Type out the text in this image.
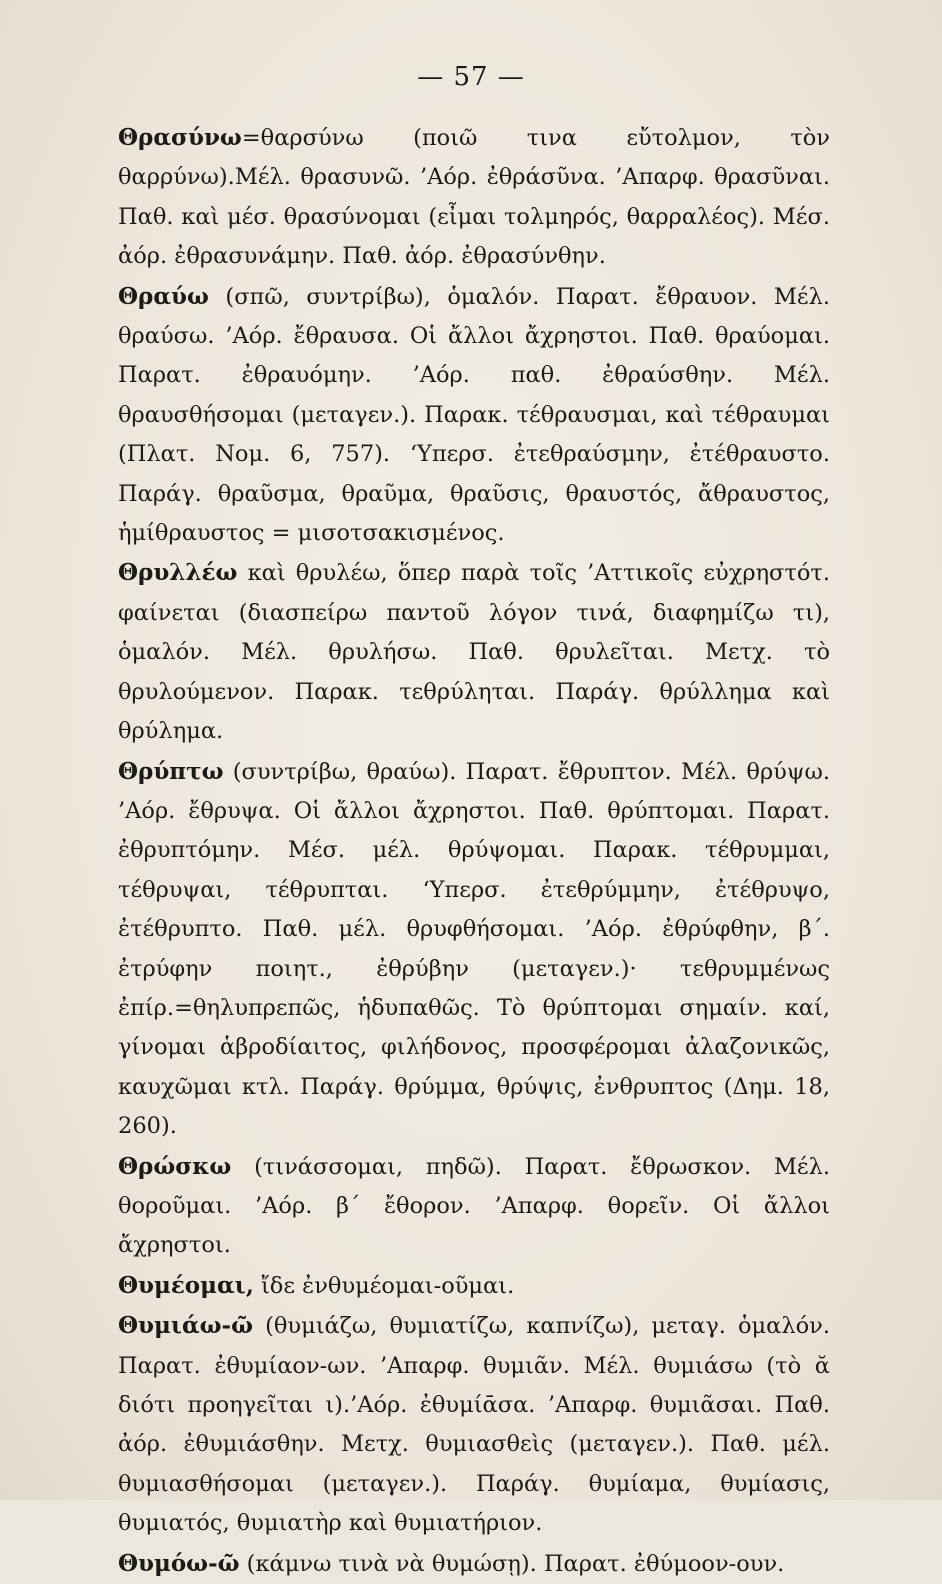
— 57 —

Θρασύνω=θαρσύνω (ποιῶ τινα εὔτολμον, τὸν θαρρύνω).Μέλ. θρασυνῶ. ’Αόρ. ἐθράσῦνα. ’Απαρφ. θρασῦναι. Παθ. καὶ μέσ. θρασύνομαι (εἶμαι τολμηρός, θαρραλέος). Μέσ. ἀόρ. ἐθρασυνάμην. Παθ. ἀόρ. ἐθρασύνθην.

Θραύω (σπῶ, συντρίβω), ὁμαλόν. Παρατ. ἔθραυον. Μέλ. θραύσω. ’Αόρ. ἔθραυσα. Οἱ ἄλλοι ἄχρηστοι. Παθ. θραύομαι. Παρατ. ἐθραυόμην. ’Αόρ. παθ. ἐθραύσθην. Μέλ. θραυσθήσομαι (μεταγεν.). Παρακ. τέθραυσμαι, καὶ τέθραυμαι (Πλατ. Νομ. 6, 757). ‘Υπερσ. ἐτεθραύσμην, ἐτέθραυστο. Παράγ. θραῦσμα, θραῦμα, θραῦσις, θραυστός, ἄθραυστος, ἡμίθραυστος = μισοτσακισμένος.

Θρυλλέω καὶ θρυλέω, ὅπερ παρὰ τοῖς ’Αττικοῖς εὐχρηστότ. φαίνεται (διασπείρω παντοῦ λόγον τινά, διαφημίζω τι), ὁμαλόν. Μέλ. θρυλήσω. Παθ. θρυλεῖται. Μετχ. τὸ θρυλούμενον. Παρακ. τεθρύληται. Παράγ. θρύλλημα καὶ θρύλημα.

Θρύπτω (συντρίβω, θραύω). Παρατ. ἔθρυπτον. Μέλ. θρύψω. ’Αόρ. ἔθρυψα. Οἱ ἄλλοι ἄχρηστοι. Παθ. θρύπτομαι. Παρατ. ἐθρυπτόμην. Μέσ. μέλ. θρύψομαι. Παρακ. τέθρυμμαι, τέθρυψαι, τέθρυπται. ‘Υπερσ. ἐτεθρύμμην, ἐτέθρυψο, ἐτέθρυπτο. Παθ. μέλ. θρυφθήσομαι. ’Αόρ. ἐθρύφθην, β΄. ἐτρύφην ποιητ., ἐθρύβην (μεταγεν.)· τεθρυμμένως ἐπίρ.=θηλυπρεπῶς, ἡδυπαθῶς. Τὸ θρύπτομαι σημαίν. καί, γίνομαι ἁβροδίαιτος, φιλήδονος, προσφέρομαι ἀλαζονικῶς, καυχῶμαι κτλ. Παράγ. θρύμμα, θρύψις, ἐνθρυπτος (Δημ. 18, 260).

Θρώσκω (τινάσσομαι, πηδῶ). Παρατ. ἔθρωσκον. Μέλ. θοροῦμαι. ’Αόρ. β΄ ἔθορον. ’Απαρφ. θορεῖν. Οἱ ἄλλοι ἄχρηστοι.

Θυμέομαι, ἴδε ἐνθυμέομαι-οῦμαι.

Θυμιάω-ῶ (θυμιάζω, θυμιατίζω, καπνίζω), μεταγ. ὁμαλόν. Παρατ. ἐθυμίαον-ων. ’Απαρφ. θυμιᾶν. Μέλ. θυμιάσω (τὸ ᾰ διότι προηγεῖται ι).’Αόρ. ἐθυμίᾱσα. ’Απαρφ. θυμιᾶσαι. Παθ. ἀόρ. ἐθυμιάσθην. Μετχ. θυμιασθεὶς (μεταγεν.). Παθ. μέλ. θυμιασθήσομαι (μεταγεν.). Παράγ. θυμίαμα, θυμίασις, θυμιατός, θυμιατὴρ καὶ θυμιατήριον.

Θυμόω-ῶ (κάμνω τινὰ νὰ θυμώσῃ). Παρατ. ἐθύμοον-ουν.
